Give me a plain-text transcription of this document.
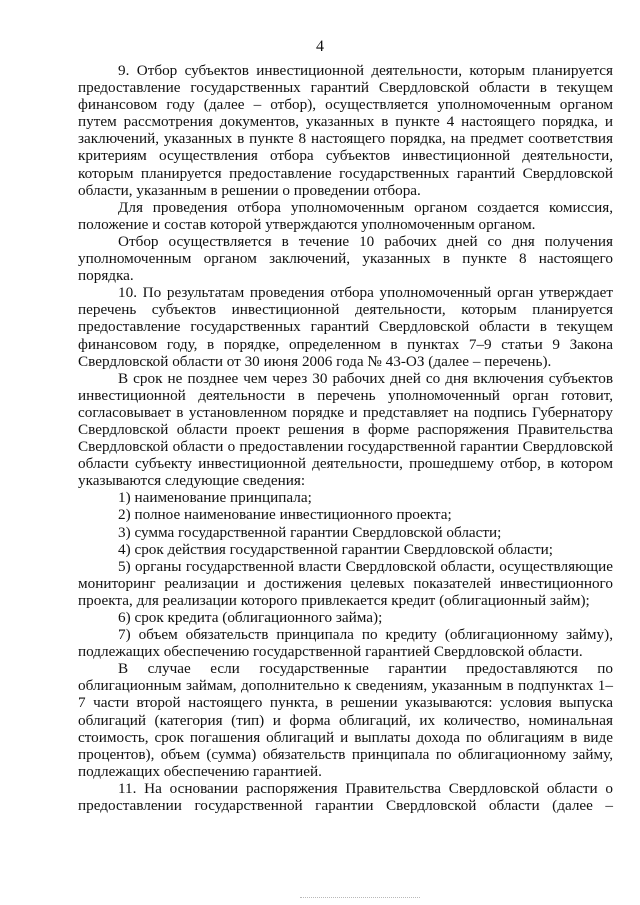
4

9. Отбор субъектов инвестиционной деятельности, которым планируется предоставление государственных гарантий Свердловской области в текущем финансовом году (далее – отбор), осуществляется уполномоченным органом путем рассмотрения документов, указанных в пункте 4 настоящего порядка, и заключений, указанных в пункте 8 настоящего порядка, на предмет соответствия критериям осуществления отбора субъектов инвестиционной деятельности, которым планируется предоставление государственных гарантий Свердловской области, указанным в решении о проведении отбора.

Для проведения отбора уполномоченным органом создается комиссия, положение и состав которой утверждаются уполномоченным органом.

Отбор осуществляется в течение 10 рабочих дней со дня получения уполномоченным органом заключений, указанных в пункте 8 настоящего порядка.

10. По результатам проведения отбора уполномоченный орган утверждает перечень субъектов инвестиционной деятельности, которым планируется предоставление государственных гарантий Свердловской области в текущем финансовом году, в порядке, определенном в пунктах 7–9 статьи 9 Закона Свердловской области от 30 июня 2006 года № 43-ОЗ (далее – перечень).

В срок не позднее чем через 30 рабочих дней со дня включения субъектов инвестиционной деятельности в перечень уполномоченный орган готовит, согласовывает в установленном порядке и представляет на подпись Губернатору Свердловской области проект решения в форме распоряжения Правительства Свердловской области о предоставлении государственной гарантии Свердловской области субъекту инвестиционной деятельности, прошедшему отбор, в котором указываются следующие сведения:

1) наименование принципала;

2) полное наименование инвестиционного проекта;

3) сумма государственной гарантии Свердловской области;

4) срок действия государственной гарантии Свердловской области;

5) органы государственной власти Свердловской области, осуществляющие мониторинг реализации и достижения целевых показателей инвестиционного проекта, для реализации которого привлекается кредит (облигационный займ);

6) срок кредита (облигационного займа);

7) объем обязательств принципала по кредиту (облигационному займу), подлежащих обеспечению государственной гарантией Свердловской области.

В случае если государственные гарантии предоставляются по облигационным займам, дополнительно к сведениям, указанным в подпунктах 1–7 части второй настоящего пункта, в решении указываются: условия выпуска облигаций (категория (тип) и форма облигаций, их количество, номинальная стоимость, срок погашения облигаций и выплаты дохода по облигациям в виде процентов), объем (сумма) обязательств принципала по облигационному займу, подлежащих обеспечению гарантией.

11. На основании распоряжения Правительства Свердловской области о предоставлении государственной гарантии Свердловской области (далее –
